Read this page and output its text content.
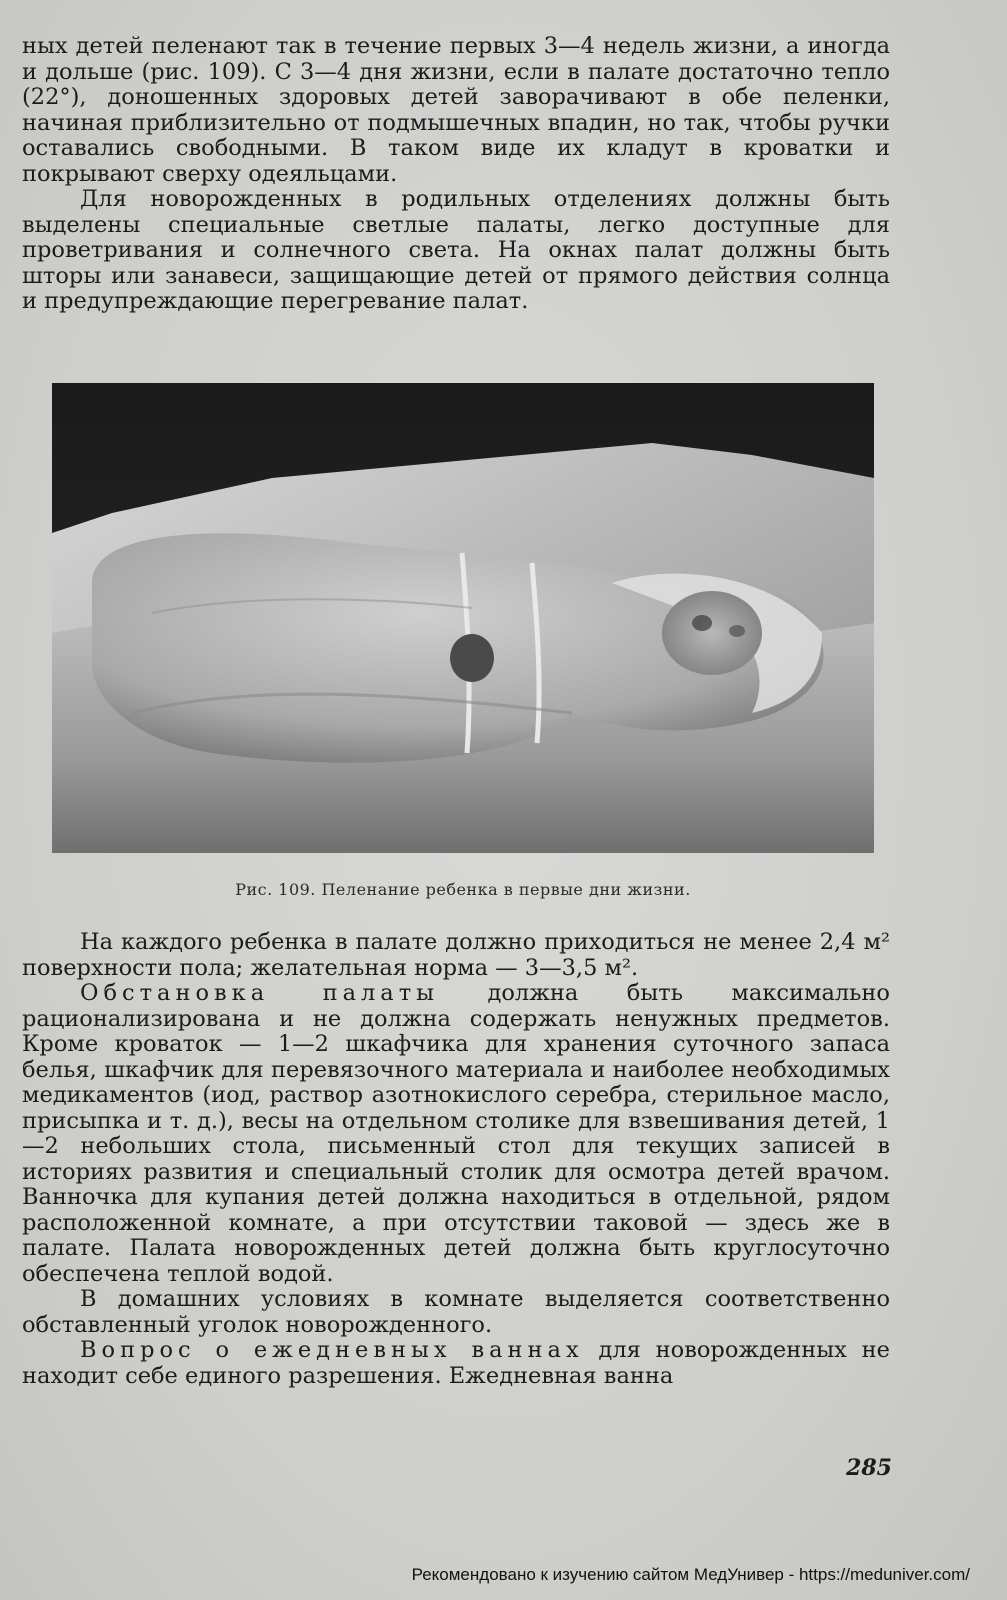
ных детей пеленают так в течение первых 3—4 недель жизни, а иногда и дольше (рис. 109). С 3—4 дня жизни, если в палате достаточно тепло (22°), доношенных здоровых детей заворачивают в обе пеленки, начиная приблизительно от подмышечных впадин, но так, чтобы ручки оставались свободными. В таком виде их кладут в кроватки и покрывают сверху одеяльцами.

Для новорожденных в родильных отделениях должны быть выделены специальные светлые палаты, легко доступные для проветривания и солнечного света. На окнах палат должны быть шторы или занавеси, защищающие детей от прямого действия солнца и предупреждающие перегревание палат.

Рис. 109. Пеленание ребенка в первые дни жизни.

На каждого ребенка в палате должно приходиться не менее 2,4 м² поверхности пола; желательная норма — 3—3,5 м².

Обстановка палаты должна быть максимально рационализирована и не должна содержать ненужных предметов. Кроме кроваток — 1—2 шкафчика для хранения суточного запаса белья, шкафчик для перевязочного материала и наиболее необходимых медикаментов (иод, раствор азотнокислого серебра, стерильное масло, присыпка и т. д.), весы на отдельном столике для взвешивания детей, 1—2 небольших стола, письменный стол для текущих записей в историях развития и специальный столик для осмотра детей врачом. Ванночка для купания детей должна находиться в отдельной, рядом расположенной комнате, а при отсутствии таковой — здесь же в палате. Палата новорожденных детей должна быть круглосуточно обеспечена теплой водой.

В домашних условиях в комнате выделяется соответственно обставленный уголок новорожденного.

Вопрос о ежедневных ваннах для новорожденных не находит себе единого разрешения. Ежедневная ванна

285
Рекомендовано к изучению сайтом МедУнивер - https://meduniver.com/
